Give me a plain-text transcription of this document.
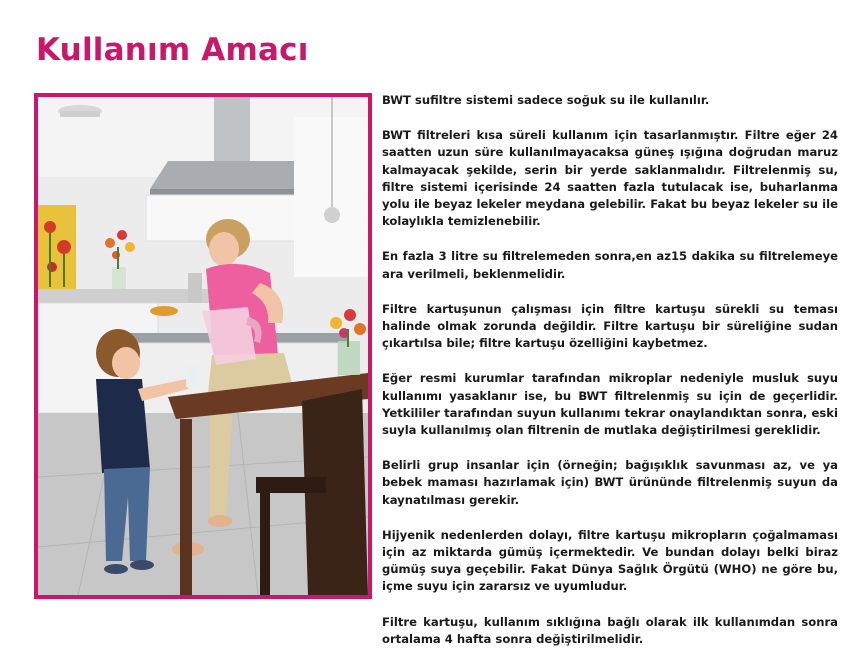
Kullanım Amacı

BWT sufiltre sistemi sadece soğuk su ile kullanılır.

BWT filtreleri kısa süreli kullanım için tasarlanmıştır. Filtre eğer 24 saatten uzun süre kullanılmayacaksa güneş ışığına doğrudan maruz kalmayacak şekilde, serin bir yerde saklanmalıdır. Filtrelenmiş su, filtre sistemi içerisinde 24 saatten fazla tutulacak ise, buharlanma yolu ile beyaz lekeler meydana gelebilir. Fakat bu beyaz lekeler su ile kolaylıkla temizlenebilir.

En fazla 3 litre su filtrelemeden sonra,en az15 dakika su filtrelemeye ara verilmeli, beklenmelidir.

Filtre kartuşunun çalışması için filtre kartuşu sürekli su teması halinde olmak zorunda değildir. Filtre kartuşu bir süreliğine sudan çıkartılsa bile; filtre kartuşu özelliğini kaybetmez.

Eğer resmi kurumlar tarafından mikroplar nedeniyle musluk suyu kullanımı yasaklanır ise, bu BWT filtrelenmiş su için de geçerlidir. Yetkililer tarafından suyun kullanımı tekrar onaylandıktan sonra, eski suyla kullanılmış olan filtrenin de mutlaka değiştirilmesi gereklidir.

Belirli grup insanlar için (örneğin; bağışıklık savunması az, ve ya bebek maması hazırlamak için) BWT ürününde filtrelenmiş suyun da kaynatılması gerekir.

Hijyenik nedenlerden dolayı, filtre kartuşu mikropların çoğalmaması için az miktarda gümüş içermektedir. Ve bundan dolayı belki biraz gümüş suya geçebilir. Fakat Dünya Sağlık Örgütü (WHO) ne göre bu, içme suyu için zararsız ve uyumludur.

Filtre kartuşu, kullanım sıklığına bağlı olarak ilk kullanımdan sonra ortalama 4 hafta sonra değiştirilmelidir.
